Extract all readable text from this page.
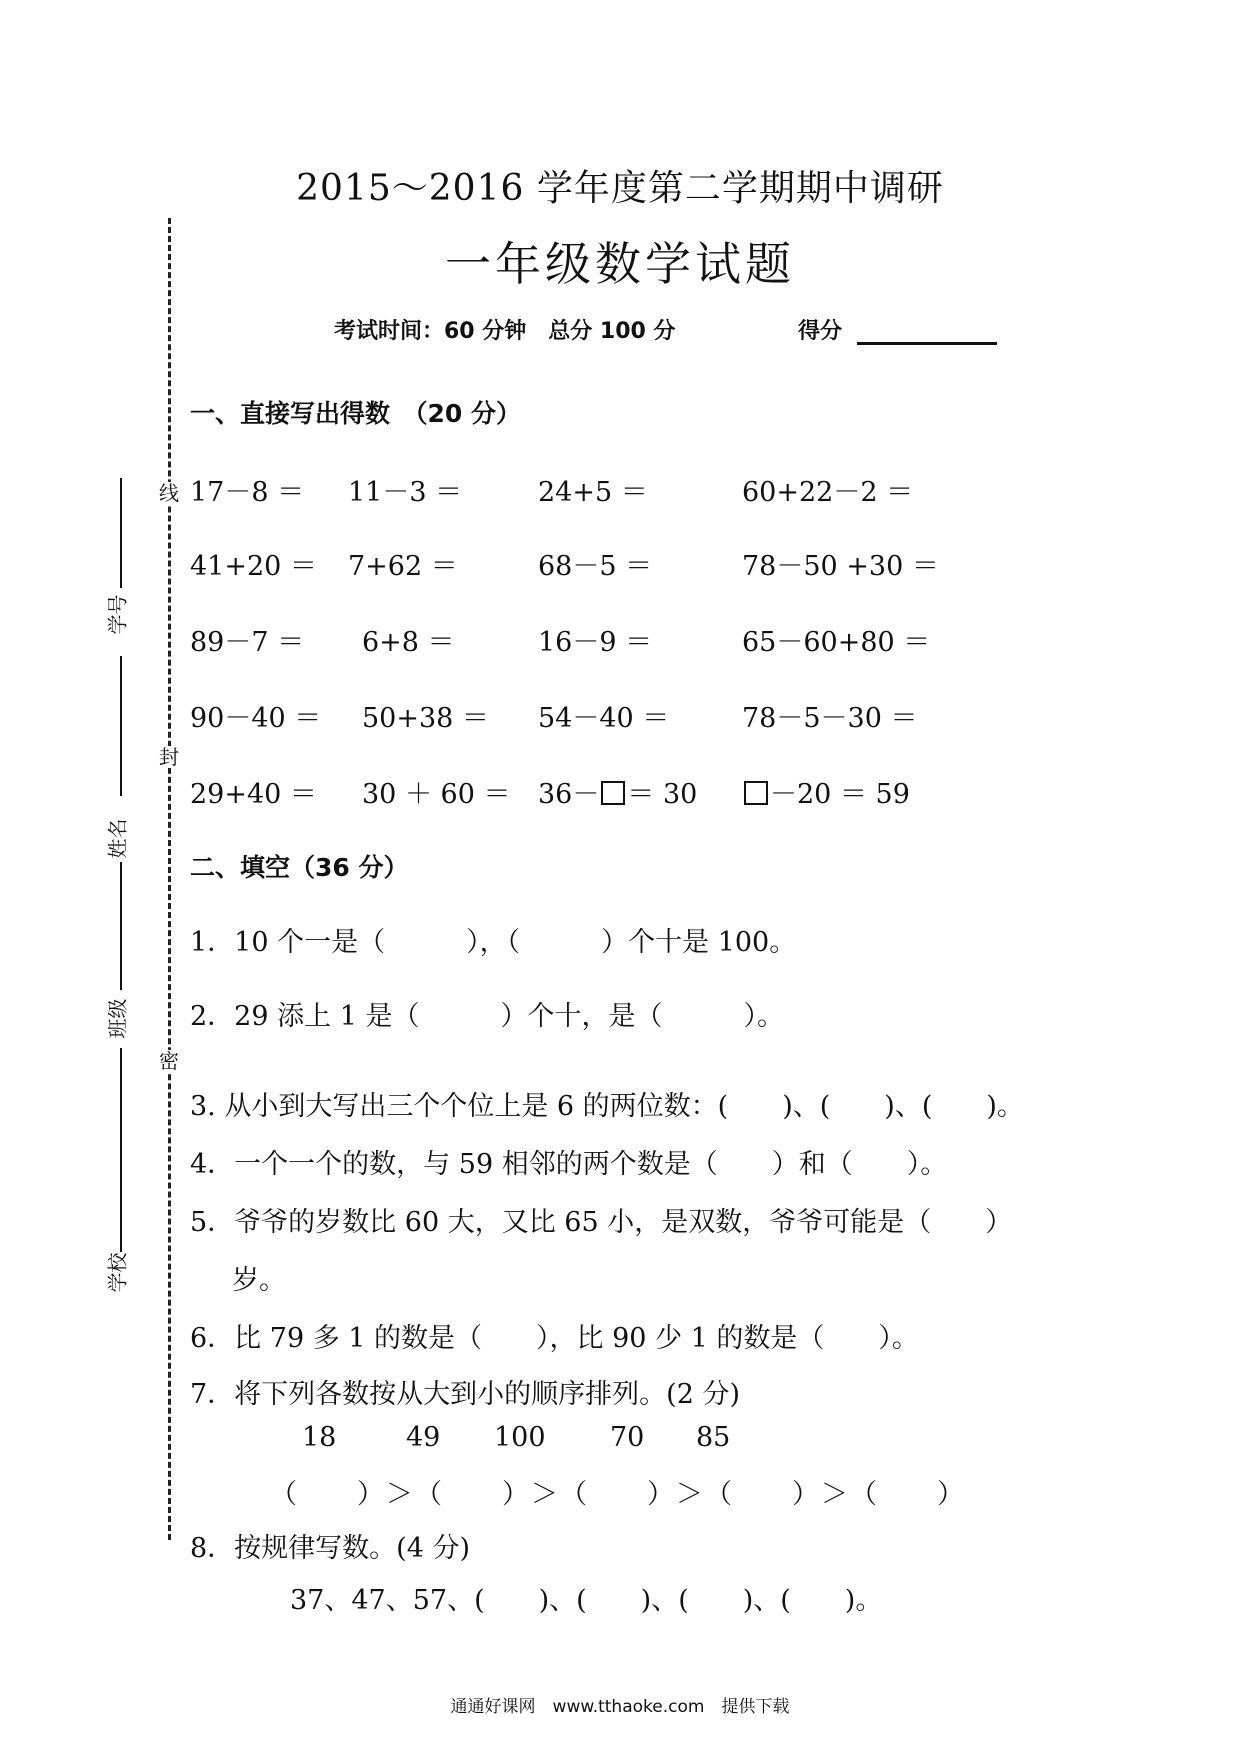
2015～2016 学年度第二学期期中调研
一年级数学试题
考试时间：60 分钟　总分 100 分	得分
线
封
密
学号
姓名
班级
学校
一、直接写出得数　（20 分）
17－8 ＝ 11－3 ＝	24+5 ＝	60+22－2 ＝
41+20 ＝ 7+62 ＝	68－5 ＝	78－50 +30 ＝
89－7 ＝ 6+8 ＝	16－9 ＝	65－60+80 ＝
90－40 ＝ 50+38 ＝ 54－40 ＝	78－5－30 ＝
29+40 ＝ 30 ＋ 60 ＝ 36－ ＝ 30	－20 ＝ 59
二、填空（36 分）
1．10 个一是（　　　），（　　　）个十是 100。
2．29 添上 1 是（　　　）个十，是（　　　）。
3. 从小到大写出三个个位上是 6 的两位数：(　　)、(　　)、(　　)。
4．一个一个的数，与 59 相邻的两个数是（　　）和（　　）。
5．爷爷的岁数比 60 大，又比 65 小，是双数，爷爷可能是（　　）
岁。
6．比 79 多 1 的数是（　　），比 90 少 1 的数是（　　）。
7．将下列各数按从大到小的顺序排列。(2 分)
18	49 100 70 85
（　　）＞（　　）＞（　　）＞（　　）＞（　　）
8．按规律写数。(4 分)
37、47、57、(　　)、(　　)、(　　)、(　　)。
通通好课网　www.tthaoke.com　提供下载
